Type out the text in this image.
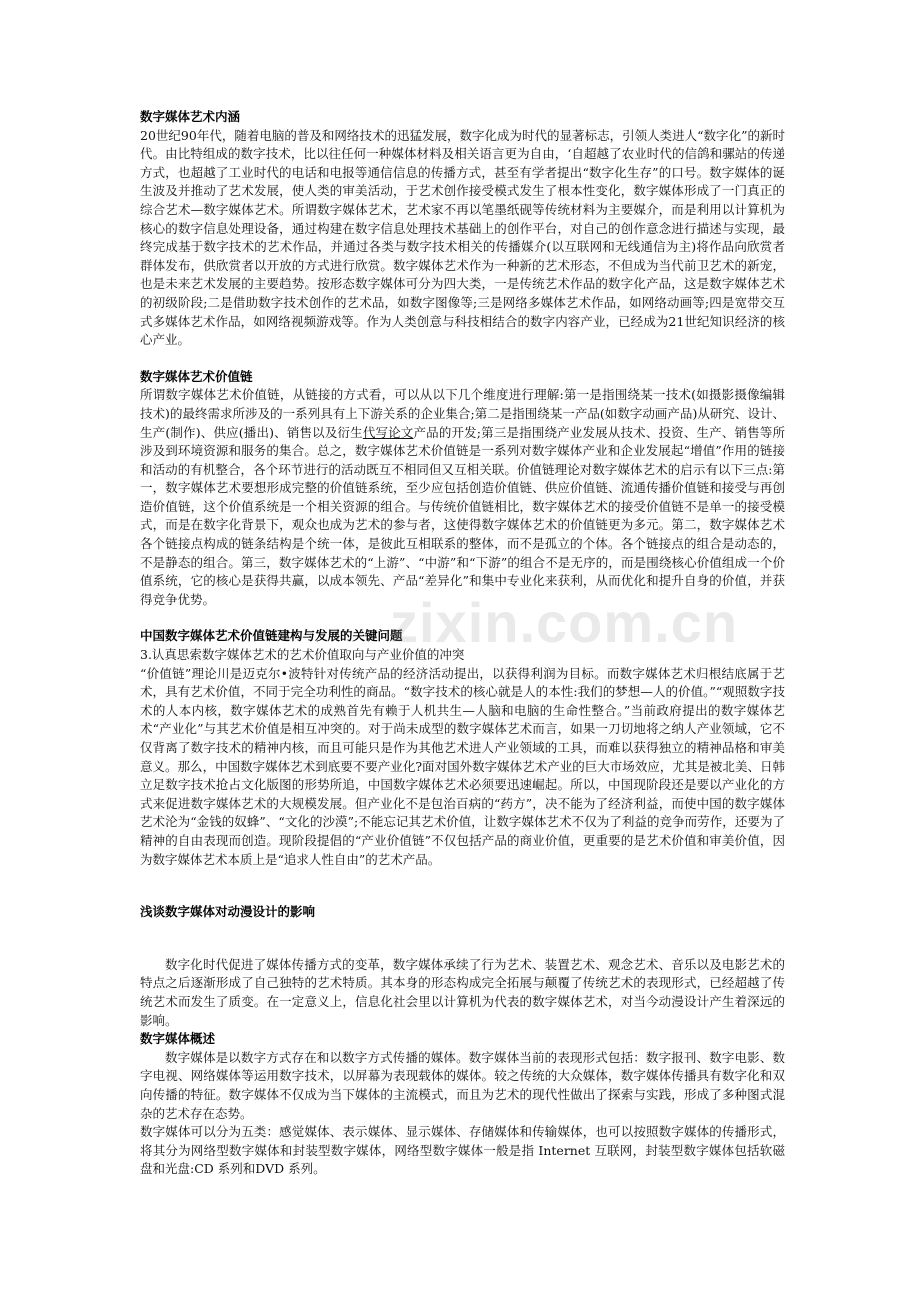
数字媒体艺术内涵

20世纪90年代，随着电脑的普及和网络技术的迅猛发展，数字化成为时代的显著标志，引领人类进人“数字化”的新时代。由比特组成的数字技术，比以往任何一种媒体材料及相关语言更为自由，‘自超越了农业时代的信鸽和骡站的传递方式，也超越了工业时代的电话和电报等通信信息的传播方式，甚至有学者提出“数字化生存”的口号。数字媒体的诞生波及并推动了艺术发展，使人类的审美活动，于艺术创作接受模式发生了根本性变化，数字媒体形成了一门真正的综合艺术—数字媒体艺术。所谓数字媒体艺术，艺术家不再以笔墨纸砚等传统材料为主要媒介，而是利用以计算机为核心的数字信息处理设备，通过构建在数字信息处理技术基础上的创作平台，对自己的创作意念进行描述与实现，最终完成基于数字技术的艺术作品，并通过各类与数字技术相关的传播媒介(以互联网和无线通信为主)将作品向欣赏者群体发布，供欣赏者以开放的方式进行欣赏。数字媒体艺术作为一种新的艺术形态，不但成为当代前卫艺术的新宠，也是未来艺术发展的主要趋势。按形态数字媒体可分为四大类，一是传统艺术作品的数字化产品，这是数字媒体艺术的初级阶段;二是借助数字技术创作的艺术品，如数字图像等;三是网络多媒体艺术作品，如网络动画等;四是宽带交互式多媒体艺术作品，如网络视频游戏等。作为人类创意与科技相结合的数字内容产业，已经成为21世纪知识经济的核心产业。

数字媒体艺术价值链

所谓数字媒体艺术价值链，从链接的方式看，可以从以下几个维度进行理解:第一是指围绕某一技术(如摄影摄像编辑技术)的最终需求所涉及的一系列具有上下游关系的企业集合;第二是指围绕某一产品(如数字动画产品)从研究、设计、生产(制作)、供应(播出)、销售以及衍生代写论文产品的开发;第三是指围绕产业发展从技术、投资、生产、销售等所涉及到环境资源和服务的集合。总之，数字媒体艺术价值链是一系列对数字媒体产业和企业发展起“增值”作用的链接和活动的有机整合，各个环节进行的活动既互不相同但又互相关联。价值链理论对数字媒体艺术的启示有以下三点:第一，数字媒体艺术要想形成完整的价值链系统，至少应包括创造价值链、供应价值链、流通传播价值链和接受与再创造价值链，这个价值系统是一个相关资源的组合。与传统价值链相比，数字媒体艺术的接受价值链不是单一的接受模式，而是在数字化背景下，观众也成为艺术的参与者，这使得数字媒体艺术的价值链更为多元。第二，数字媒体艺术各个链接点构成的链条结构是个统一体，是彼此互相联系的整体，而不是孤立的个体。各个链接点的组合是动态的，不是静态的组合。第三，数字媒体艺术的“上游”、“中游”和“下游”的组合不是无序的，而是围绕核心价值组成一个价值系统，它的核心是获得共赢，以成本领先、产品“差异化”和集中专业化来获利，从而优化和提升自身的价值，并获得竞争优势。

中国数字媒体艺术价值链建构与发展的关键问题

3.认真思索数字媒体艺术的艺术价值取向与产业价值的冲突

“价值链”理论川是迈克尔•波特针对传统产品的经济活动提出，以获得利润为目标。而数字媒体艺术归根结底属于艺术，具有艺术价值，不同于完全功利性的商品。“数字技术的核心就是人的本性:我们的梦想—人的价值。”“观照数字技术的人本内核，数字媒体艺术的成熟首先有赖于人机共生—人脑和电脑的生命性整合。”当前政府提出的数字媒体艺术“产业化”与其艺术价值是相互冲突的。对于尚未成型的数字媒体艺术而言，如果一刀切地将之纳人产业领域，它不仅背离了数字技术的精神内核，而且可能只是作为其他艺术进人产业领域的工具，而难以获得独立的精神品格和审美意义。那么，中国数字媒体艺术到底要不要产业化?面对国外数字媒体艺术产业的巨大市场效应，尤其是被北美、日韩立足数字技术抢占文化版图的形势所追，中国数字媒体艺术必须要迅速崛起。所以，中国现阶段还是要以产业化的方式来促进数字媒体艺术的大规模发展。但产业化不是包治百病的“药方”，决不能为了经济利益，而使中国的数字媒体艺术沦为“金钱的奴蜂”、“文化的沙漠”;不能忘记其艺术价值，让数字媒体艺术不仅为了利益的竞争而劳作，还要为了精神的自由表现而创造。现阶段提倡的“产业价值链”不仅包括产品的商业价值，更重要的是艺术价值和审美价值，因为数字媒体艺术本质上是“追求人性自由”的艺术产品。

浅谈数字媒体对动漫设计的影响

数字化时代促进了媒体传播方式的变革，数字媒体承续了行为艺术、装置艺术、观念艺术、音乐以及电影艺术的特点之后逐渐形成了自己独特的艺术特质。其本身的形态构成完全拓展与颠覆了传统艺术的表现形式，已经超越了传统艺术而发生了质变。在一定意义上，信息化社会里以计算机为代表的数字媒体艺术，对当今动漫设计产生着深远的影响。

数字媒体概述

数字媒体是以数字方式存在和以数字方式传播的媒体。数字媒体当前的表现形式包括：数字报刊、数字电影、数字电视、网络媒体等运用数字技术，以屏幕为表现载体的媒体。较之传统的大众媒体，数字媒体传播具有数字化和双向传播的特征。数字媒体不仅成为当下媒体的主流模式，而且为艺术的现代性做出了探索与实践，形成了多种图式混杂的艺术存在态势。

数字媒体可以分为五类：感觉媒体、表示媒体、显示媒体、存储媒体和传输媒体，也可以按照数字媒体的传播形式，将其分为网络型数字媒体和封装型数字媒体，网络型数字媒体一般是指 Internet 互联网，封装型数字媒体包括软磁盘和光盘:CD 系列和DVD 系列。

zixin.com.cn
